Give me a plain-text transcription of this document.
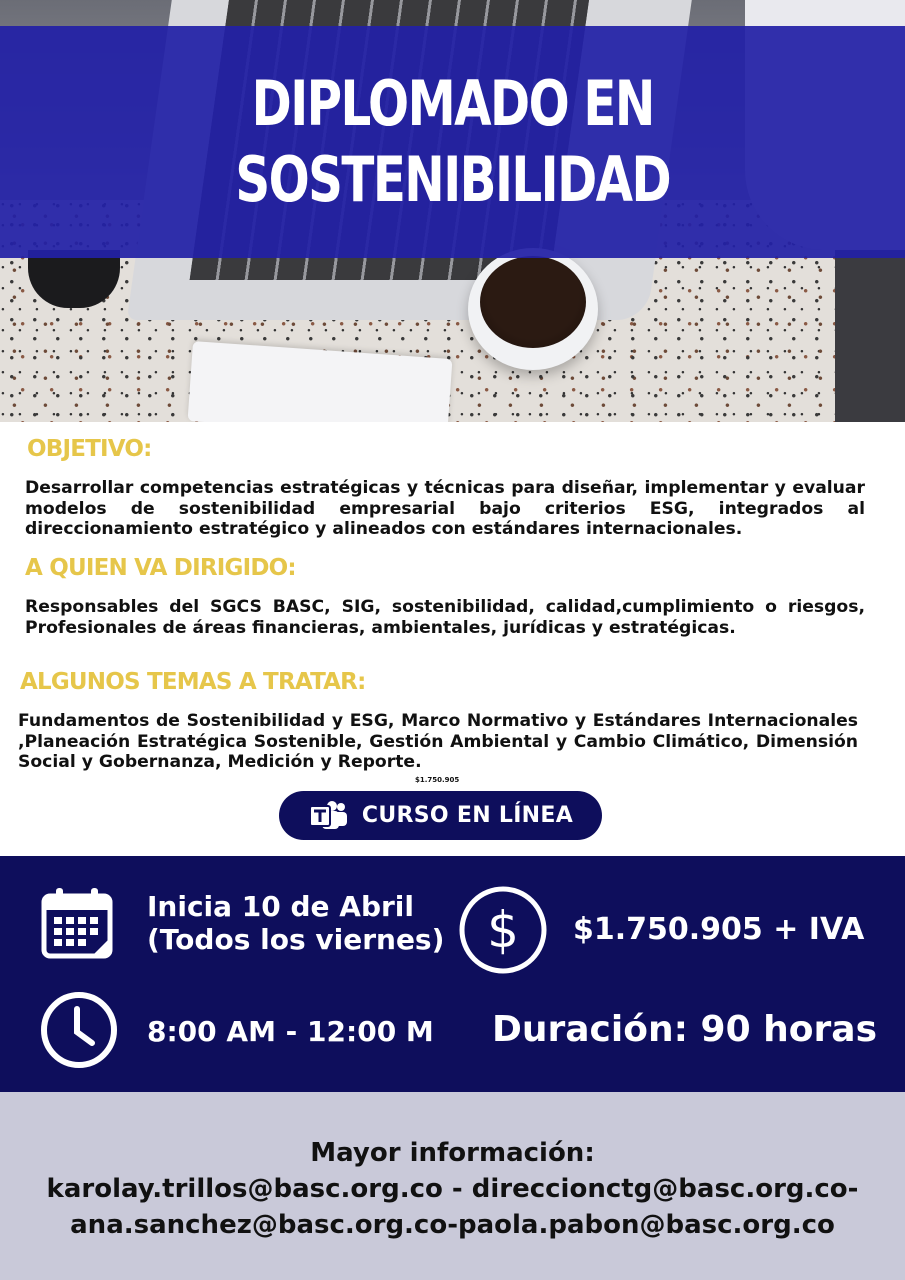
DIPLOMADO EN
SOSTENIBILIDAD
OBJETIVO:
Desarrollar competencias estratégicas y técnicas para diseñar, implementar y evaluar modelos de sostenibilidad empresarial bajo criterios ESG, integrados al direccionamiento estratégico y alineados con estándares internacionales.
A QUIEN VA DIRIGIDO:
Responsables del SGCS BASC, SIG, sostenibilidad, calidad,cumplimiento o riesgos, Profesionales de áreas financieras, ambientales, jurídicas y estratégicas.
ALGUNOS TEMAS A TRATAR:
Fundamentos de Sostenibilidad y ESG, Marco Normativo y Estándares Internacionales ,Planeación Estratégica Sostenible, Gestión Ambiental y Cambio Climático, Dimensión Social y Gobernanza, Medición y Reporte.
$1.750.905
CURSO EN LÍNEA
Inicia 10 de Abril
(Todos los viernes) $ $1.750.905 + IVA
8:00 AM - 12:00 M Duración: 90 horas
Mayor información:
karolay.trillos@basc.org.co - direccionctg@basc.org.co-
ana.sanchez@basc.org.co-paola.pabon@basc.org.co
